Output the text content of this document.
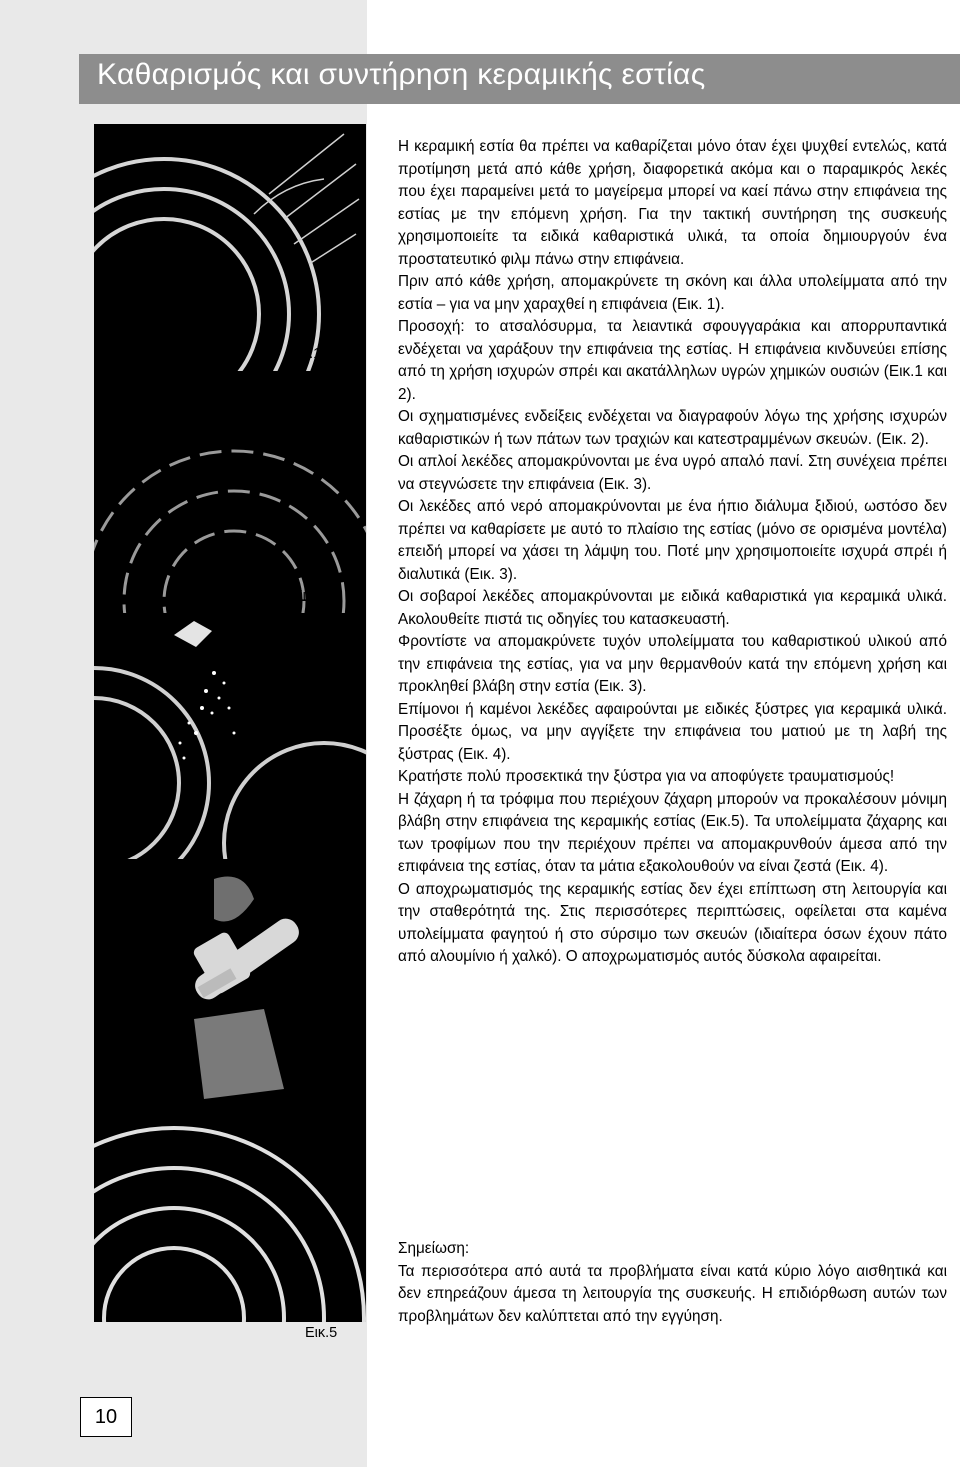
Καθαρισμός και συντήρηση κεραμικής εστίας
Εικ.1
Εικ.2
Εικ.3
Εικ.4
Εικ.5

Η κεραμική εστία θα πρέπει να καθαρίζεται μόνο όταν έχει ψυχθεί εντελώς, κατά προτίμηση μετά από κάθε χρήση, διαφορετικά ακόμα και ο παραμικρός λεκές που έχει παραμείνει μετά το μαγείρεμα μπορεί να καεί πάνω στην επιφάνεια της εστίας με την επόμενη χρήση. Για την τακτική συντήρηση της συσκευής χρησιμοποιείτε τα ειδικά καθαριστικά υλικά, τα οποία δημιουργούν ένα προστατευτικό φιλμ πάνω στην επιφάνεια.

Πριν από κάθε χρήση, απομακρύνετε τη σκόνη και άλλα υπολείμματα από την εστία – για να μην χαραχθεί η επιφάνεια (Εικ. 1).

Προσοχή: το ατσαλόσυρμα, τα λειαντικά σφουγγαράκια και απορρυπαντικά ενδέχεται να χαράξουν την επιφάνεια της εστίας. Η επιφάνεια κινδυνεύει επίσης από τη χρήση ισχυρών σπρέι και ακατάλληλων υγρών χημικών ουσιών (Εικ.1 και 2).

Οι σχηματισμένες ενδείξεις ενδέχεται να διαγραφούν λόγω της χρήσης ισχυρών καθαριστικών ή των πάτων των τραχιών και κατεστραμμένων σκευών. (Εικ. 2).

Οι απλοί λεκέδες απομακρύνονται με ένα υγρό απαλό πανί. Στη συνέχεια πρέπει να στεγνώσετε την επιφάνεια (Εικ. 3).

Οι λεκέδες από νερό απομακρύνονται με ένα ήπιο διάλυμα ξιδιού, ωστόσο δεν πρέπει να καθαρίσετε με αυτό το πλαίσιο της εστίας (μόνο σε ορισμένα μοντέλα) επειδή μπορεί να χάσει τη λάμψη του. Ποτέ μην χρησιμοποιείτε ισχυρά σπρέι ή διαλυτικά (Εικ. 3).

Οι σοβαροί λεκέδες απομακρύνονται με ειδικά καθαριστικά για κεραμικά υλικά. Ακολουθείτε πιστά τις οδηγίες του κατασκευαστή.

Φροντίστε να απομακρύνετε τυχόν υπολείμματα του καθαριστικού υλικού από την επιφάνεια της εστίας, για να μην θερμανθούν κατά την επόμενη χρήση και προκληθεί βλάβη στην εστία (Εικ. 3).

Επίμονοι ή καμένοι λεκέδες αφαιρούνται με ειδικές ξύστρες για κεραμικά υλικά. Προσέξτε όμως, να μην αγγίξετε την επιφάνεια του ματιού με τη λαβή της ξύστρας (Εικ. 4).

Κρατήστε πολύ προσεκτικά την ξύστρα για να αποφύγετε τραυματισμούς!

Η ζάχαρη ή τα τρόφιμα που περιέχουν ζάχαρη μπορούν να προκαλέσουν μόνιμη βλάβη στην επιφάνεια της κεραμικής εστίας (Εικ.5). Τα υπολείμματα ζάχαρης και των τροφίμων που την περιέχουν πρέπει να απομακρυνθούν άμεσα από την επιφάνεια της εστίας, όταν τα μάτια εξακολουθούν να είναι ζεστά (Εικ. 4).

Ο αποχρωματισμός της κεραμικής εστίας δεν έχει επίπτωση στη λειτουργία και την σταθερότητά της. Στις περισσότερες περιπτώσεις, οφείλεται στα καμένα υπολείμματα φαγητού ή στο σύρσιμο των σκευών (ιδιαίτερα όσων έχουν πάτο από αλουμίνιο ή χαλκό). Ο αποχρωματισμός αυτός δύσκολα αφαιρείται.

Σημείωση:

Τα περισσότερα από αυτά τα προβλήματα είναι κατά κύριο λόγο αισθητικά και δεν επηρεάζουν άμεσα τη λειτουργία της συσκευής. Η επιδιόρθωση αυτών των προβλημάτων δεν καλύπτεται από την εγγύηση.

10
